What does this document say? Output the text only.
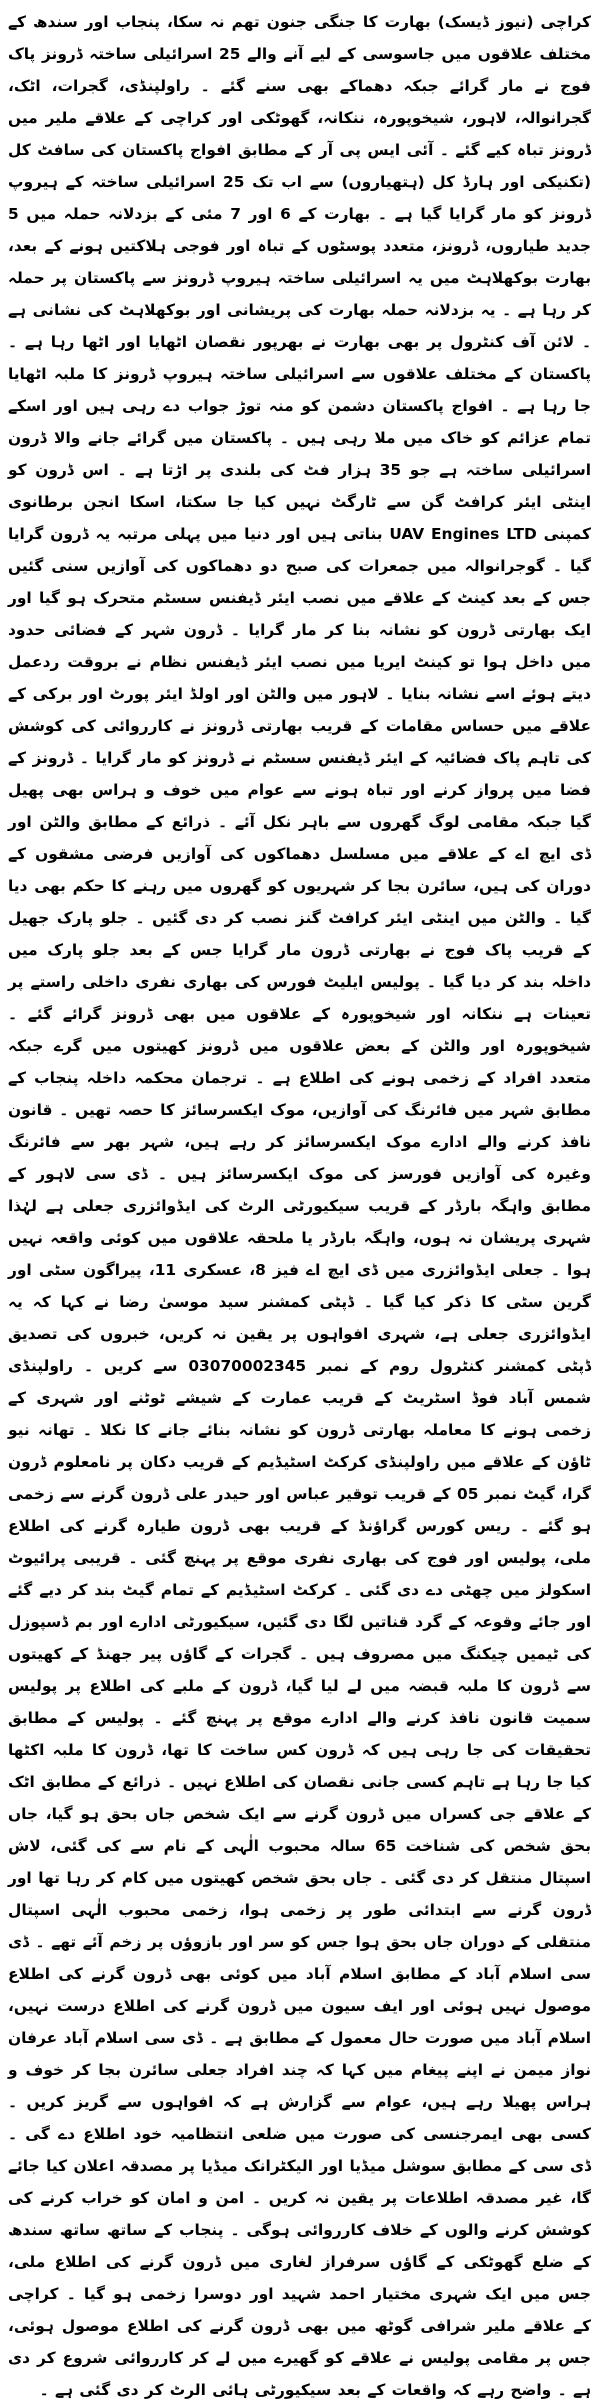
کراچی (نیوز ڈیسک) بھارت کا جنگی جنون تھم نہ سکا، پنجاب اور سندھ کے مختلف علاقوں میں جاسوسی کے لیے آنے والے 25 اسرائیلی ساختہ ڈرونز پاک فوج نے مار گرائے جبکہ دھماکے بھی سنے گئے ۔ راولپنڈی، گجرات، اٹک، گجرانوالہ، لاہور، شیخوپورہ، ننکانہ، گھوٹکی اور کراچی کے علاقے ملیر میں ڈرونز تباہ کیے گئے ۔ آئی ایس پی آر کے مطابق افواج پاکستان کی سافٹ کل (تکنیکی اور ہارڈ کل (ہتھیاروں) سے اب تک 25 اسرائیلی ساختہ کے ہیروپ ڈرونز کو مار گرایا گیا ہے ۔ بھارت کے 6 اور 7 مئی کے بزدلانہ حملہ میں 5 جدید طیاروں، ڈرونز، متعدد پوسٹوں کے تباہ اور فوجی ہلاکتیں ہونے کے بعد، بھارت بوکھلاہٹ میں یہ اسرائیلی ساختہ ہیروپ ڈرونز سے پاکستان پر حملہ کر رہا ہے ۔ یہ بزدلانہ حملہ بھارت کی پریشانی اور بوکھلاہٹ کی نشانی ہے ۔ لائن آف کنٹرول پر بھی بھارت نے بھرپور نقصان اٹھایا اور اٹھا رہا ہے ۔ پاکستان کے مختلف علاقوں سے اسرائیلی ساختہ ہیروپ ڈرونز کا ملبہ اٹھایا جا رہا ہے ۔ افواج پاکستان دشمن کو منہ توڑ جواب دے رہی ہیں اور اسکے تمام عزائم کو خاک میں ملا رہی ہیں ۔ پاکستان میں گرائے جانے والا ڈرون اسرائیلی ساختہ ہے جو 35 ہزار فٹ کی بلندی پر اڑتا ہے ۔ اس ڈرون کو اینٹی ایئر کرافٹ گن سے ٹارگٹ نہیں کیا جا سکتا، اسکا انجن برطانوی کمپنی UAV Engines LTD بناتی ہیں اور دنیا میں پہلی مرتبہ یہ ڈرون گرایا گیا ۔ گوجرانوالہ میں جمعرات کی صبح دو دھماکوں کی آوازیں سنی گئیں جس کے بعد کینٹ کے علاقے میں نصب ایئر ڈیفنس سسٹم متحرک ہو گیا اور ایک بھارتی ڈرون کو نشانہ بنا کر مار گرایا ۔ ڈرون شہر کے فضائی حدود میں داخل ہوا تو کینٹ ایریا میں نصب ایئر ڈیفنس نظام نے بروقت ردعمل دیتے ہوئے اسے نشانہ بنایا ۔ لاہور میں والٹن اور اولڈ ایئر پورٹ اور برکی کے علاقے میں حساس مقامات کے قریب بھارتی ڈرونز نے کارروائی کی کوشش کی تاہم پاک فضائیہ کے ایئر ڈیفنس سسٹم نے ڈرونز کو مار گرایا ۔ ڈرونز کے فضا میں پرواز کرنے اور تباہ ہونے سے عوام میں خوف و ہراس بھی پھیل گیا جبکہ مقامی لوگ گھروں سے باہر نکل آئے ۔ ذرائع کے مطابق والٹن اور ڈی ایچ اے کے علاقے میں مسلسل دھماکوں کی آوازیں فرضی مشقوں کے دوران کی ہیں، سائرن بجا کر شہریوں کو گھروں میں رہنے کا حکم بھی دیا گیا ۔ والٹن میں اینٹی ایئر کرافٹ گنز نصب کر دی گئیں ۔ جلو پارک جھیل کے قریب پاک فوج نے بھارتی ڈرون مار گرایا جس کے بعد جلو پارک میں داخلہ بند کر دیا گیا ۔ پولیس ایلیٹ فورس کی بھاری نفری داخلی راستے پر تعینات ہے ننکانہ اور شیخوپورہ کے علاقوں میں بھی ڈرونز گرائے گئے ۔ شیخوپورہ اور والٹن کے بعض علاقوں میں ڈرونز کھیتوں میں گرے جبکہ متعدد افراد کے زخمی ہونے کی اطلاع ہے ۔ ترجمان محکمہ داخلہ پنجاب کے مطابق شہر میں فائرنگ کی آوازیں، موک ایکسرسائز کا حصہ تھیں ۔ قانون نافذ کرنے والے ادارے موک ایکسرسائز کر رہے ہیں، شہر بھر سے فائرنگ وغیرہ کی آوازیں فورسز کی موک ایکسرسائز ہیں ۔ ڈی سی لاہور کے مطابق واہگہ بارڈر کے قریب سیکیورٹی الرٹ کی ایڈوائزری جعلی ہے لہٰذا شہری پریشان نہ ہوں، واہگہ بارڈر یا ملحقہ علاقوں میں کوئی واقعہ نہیں ہوا ۔ جعلی ایڈوائزری میں ڈی ایچ اے فیز 8، عسکری 11، پیراگون سٹی اور گرین سٹی کا ذکر کیا گیا ۔ ڈپٹی کمشنر سید موسیٰ رضا نے کہا کہ یہ ایڈوائزری جعلی ہے، شہری افواہوں پر یقین نہ کریں، خبروں کی تصدیق ڈپٹی کمشنر کنٹرول روم کے نمبر 03070002345 سے کریں ۔ راولپنڈی شمس آباد فوڈ اسٹریٹ کے قریب عمارت کے شیشے ٹوٹنے اور شہری کے زخمی ہونے کا معاملہ بھارتی ڈرون کو نشانہ بنائے جانے کا نکلا ۔ تھانہ نیو ٹاؤن کے علاقے میں راولپنڈی کرکٹ اسٹیڈیم کے قریب دکان پر نامعلوم ڈرون گرا، گیٹ نمبر 05 کے قریب توقیر عباس اور حیدر علی ڈرون گرنے سے زخمی ہو گئے ۔ ریس کورس گراؤنڈ کے قریب بھی ڈرون طیارہ گرنے کی اطلاع ملی، پولیس اور فوج کی بھاری نفری موقع پر پہنچ گئی ۔ قریبی پرائیوٹ اسکولز میں چھٹی دے دی گئی ۔ کرکٹ اسٹیڈیم کے تمام گیٹ بند کر دیے گئے اور جائے وقوعہ کے گرد قناتیں لگا دی گئیں، سیکیورٹی ادارے اور بم ڈسپوزل کی ٹیمیں چیکنگ میں مصروف ہیں ۔ گجرات کے گاؤں پیر جھنڈ کے کھیتوں سے ڈرون کا ملبہ قبضہ میں لے لیا گیا، ڈرون کے ملبے کی اطلاع پر پولیس سمیت قانون نافذ کرنے والے ادارے موقع پر پہنچ گئے ۔ پولیس کے مطابق تحقیقات کی جا رہی ہیں کہ ڈرون کس ساخت کا تھا، ڈرون کا ملبہ اکٹھا کیا جا رہا ہے تاہم کسی جانی نقصان کی اطلاع نہیں ۔ ذرائع کے مطابق اٹک کے علاقے جی کسراں میں ڈرون گرنے سے ایک شخص جاں بحق ہو گیا، جاں بحق شخص کی شناخت 65 سالہ محبوب الٰہی کے نام سے کی گئی، لاش اسپتال منتقل کر دی گئی ۔ جاں بحق شخص کھیتوں میں کام کر رہا تھا اور ڈرون گرنے سے ابتدائی طور پر زخمی ہوا، زخمی محبوب الٰہی اسپتال منتقلی کے دوران جاں بحق ہوا جس کو سر اور بازوؤں پر زخم آئے تھے ۔ ڈی سی اسلام آباد کے مطابق اسلام آباد میں کوئی بھی ڈرون گرنے کی اطلاع موصول نہیں ہوئی اور ایف سیون میں ڈرون گرنے کی اطلاع درست نہیں، اسلام آباد میں صورت حال معمول کے مطابق ہے ۔ ڈی سی اسلام آباد عرفان نواز میمن نے اپنے پیغام میں کہا کہ چند افراد جعلی سائرن بجا کر خوف و ہراس پھیلا رہے ہیں، عوام سے گزارش ہے کہ افواہوں سے گریز کریں ۔ کسی بھی ایمرجنسی کی صورت میں ضلعی انتظامیہ خود اطلاع دے گی ۔ ڈی سی کے مطابق سوشل میڈیا اور الیکٹرانک میڈیا پر مصدقہ اعلان کیا جائے گا، غیر مصدقہ اطلاعات پر یقین نہ کریں ۔ امن و امان کو خراب کرنے کی کوشش کرنے والوں کے خلاف کارروائی ہوگی ۔ پنجاب کے ساتھ ساتھ سندھ کے ضلع گھوٹکی کے گاؤں سرفراز لغاری میں ڈرون گرنے کی اطلاع ملی، جس میں ایک شہری مختیار احمد شہید اور دوسرا زخمی ہو گیا ۔ کراچی کے علاقے ملیر شرافی گوٹھ میں بھی ڈرون گرنے کی اطلاع موصول ہوئی، جس پر مقامی پولیس نے علاقے کو گھیرے میں لے کر کارروائی شروع کر دی ہے ۔ واضح رہے کہ واقعات کے بعد سیکیورٹی ہائی الرٹ کر دی گئی ہے ۔
